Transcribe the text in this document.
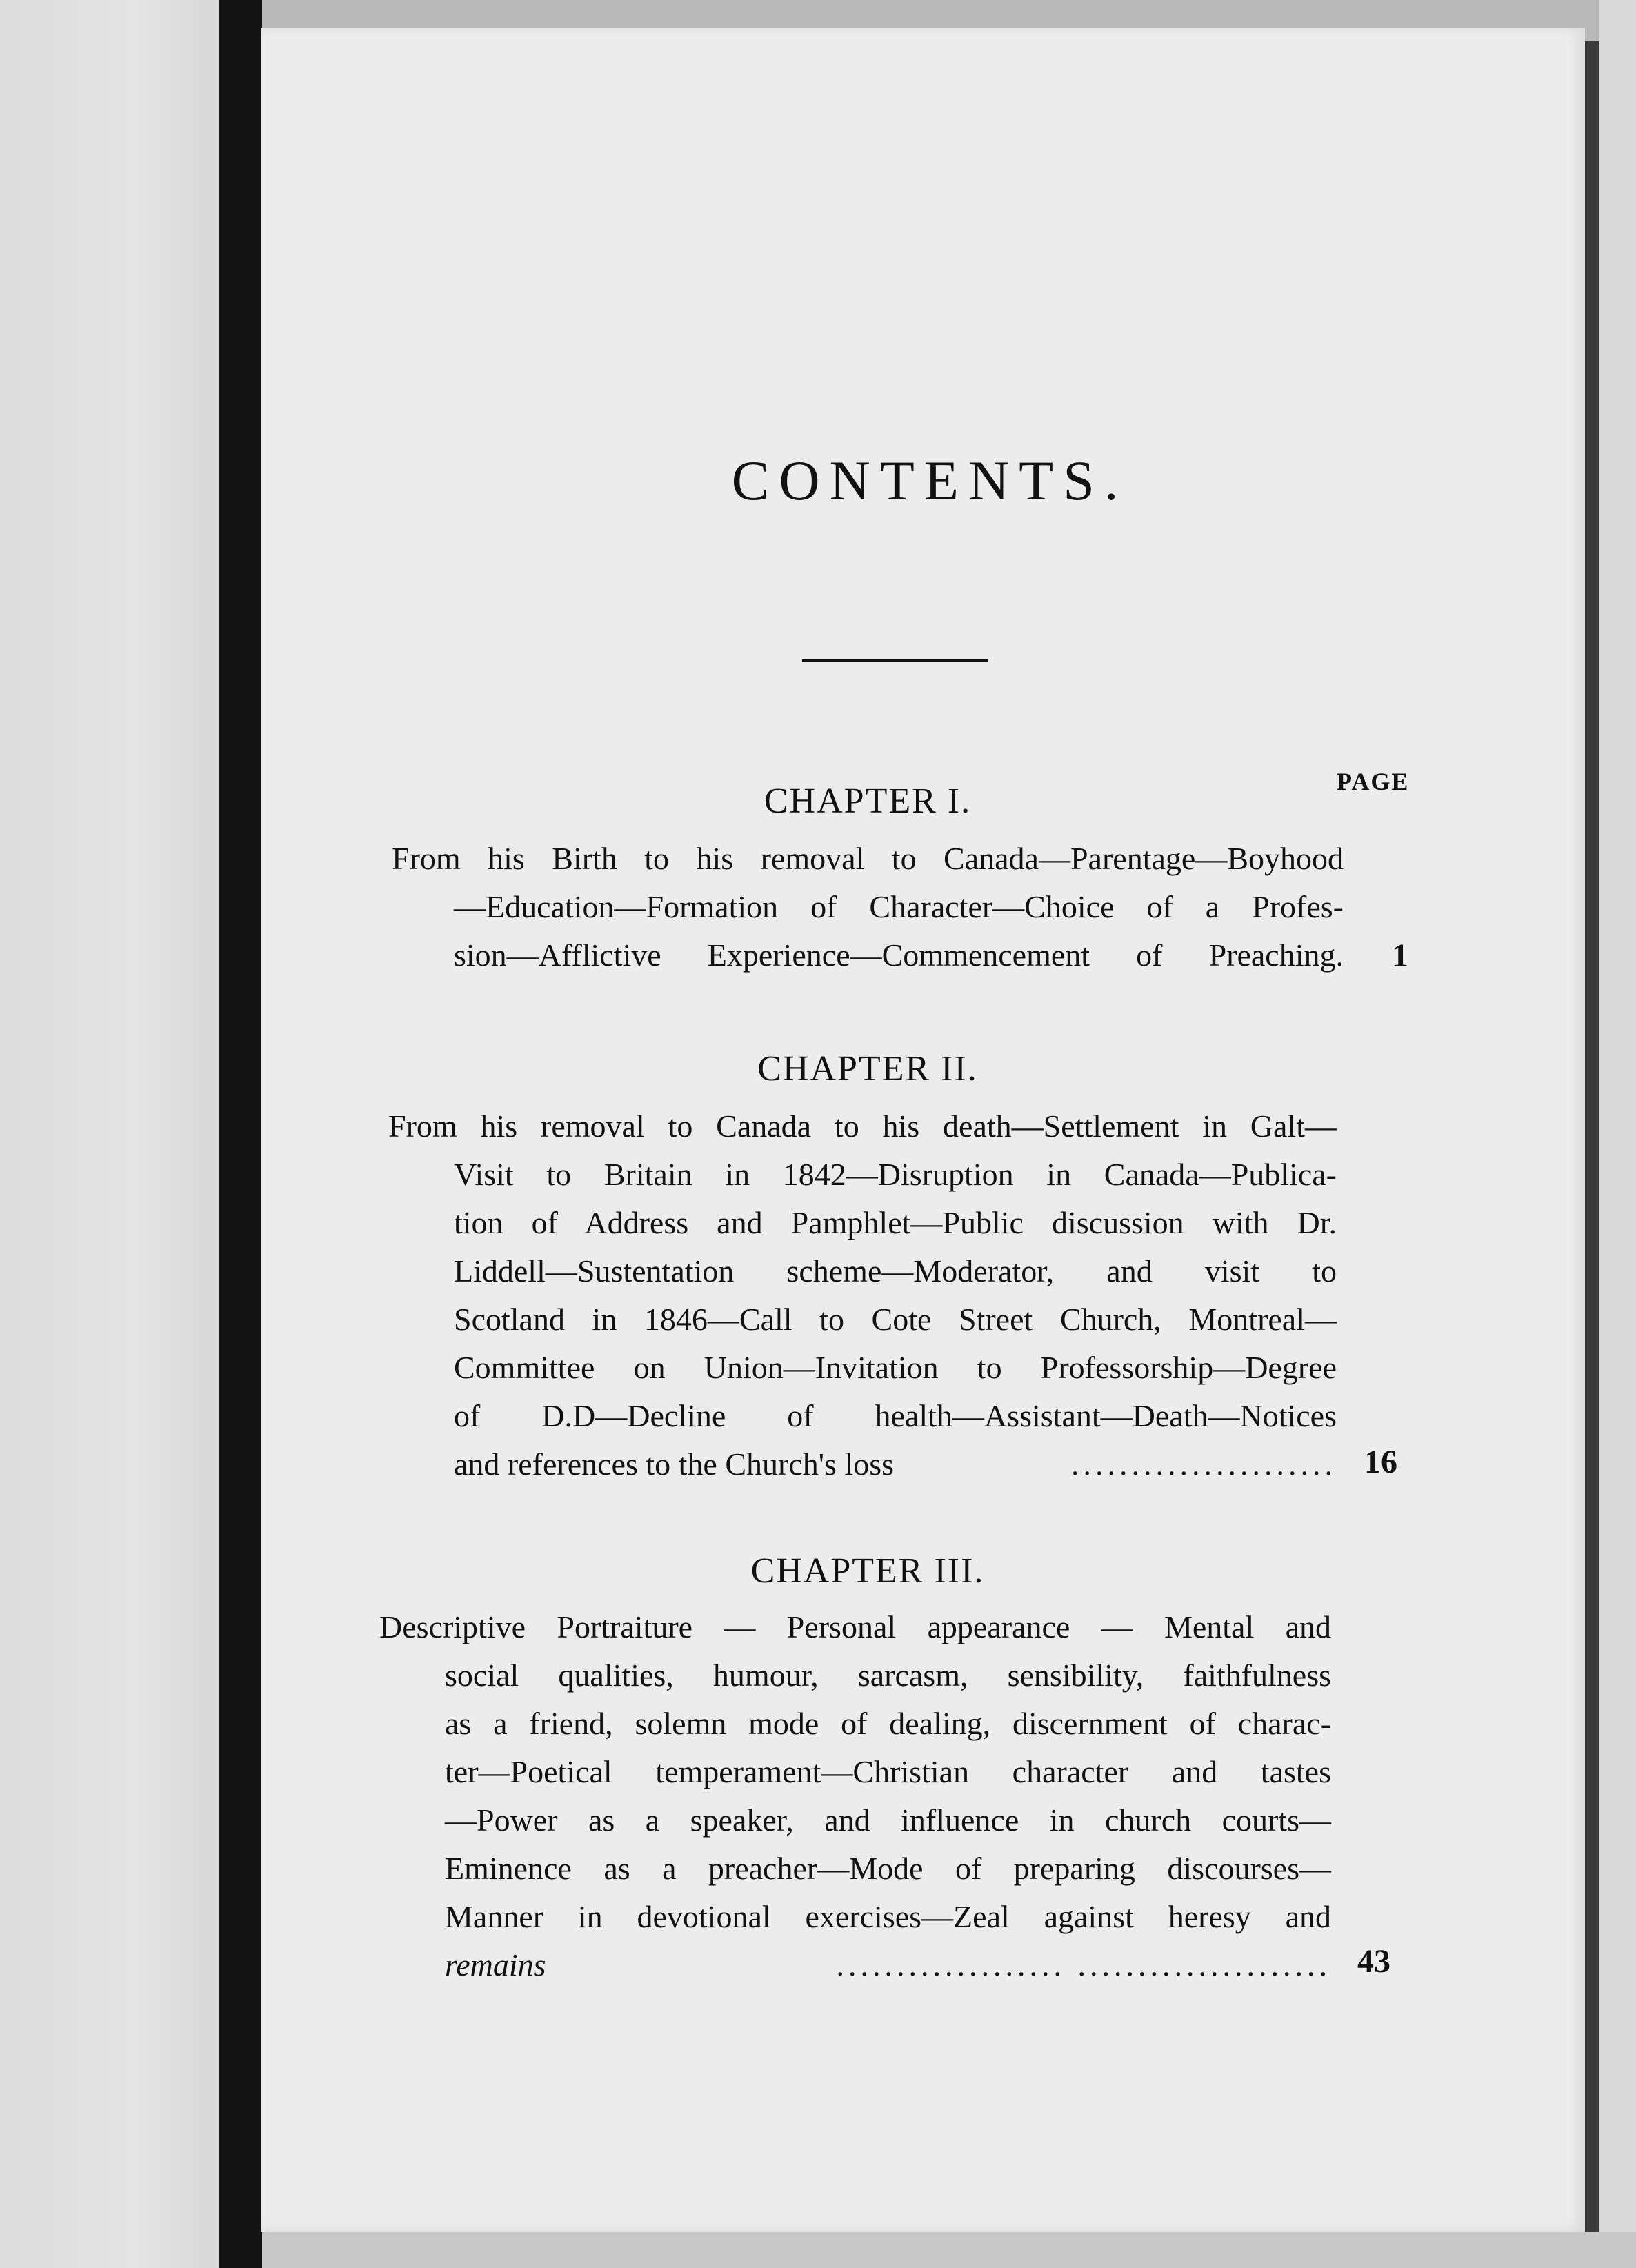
CONTENTS.
PAGE
CHAPTER I.
From his Birth to his removal to Canada—Parentage—Boyhood
—Education—Formation of Character—Choice of a Profes-
sion—Afflictive Experience—Commencement of Preaching. 1
CHAPTER II.
From his removal to Canada to his death—Settlement in Galt—
Visit to Britain in 1842—Disruption in Canada—Publica-
tion of Address and Pamphlet—Public discussion with Dr.
Liddell—Sustentation scheme—Moderator, and visit to
Scotland in 1846—Call to Cote Street Church, Montreal—
Committee on Union—Invitation to Professorship—Degree
of D.D—Decline of health—Assistant—Death—Notices
and references to the Church's loss	...................... 16
CHAPTER III.
Descriptive Portraiture — Personal appearance — Mental and
social qualities, humour, sarcasm, sensibility, faithfulness
as a friend, solemn mode of dealing, discernment of charac-
ter—Poetical temperament—Christian character and tastes
—Power as a speaker, and influence in church courts—
Eminence as a preacher—Mode of preparing discourses—
Manner in devotional exercises—Zeal against heresy and
remains	................... ..................... 43
